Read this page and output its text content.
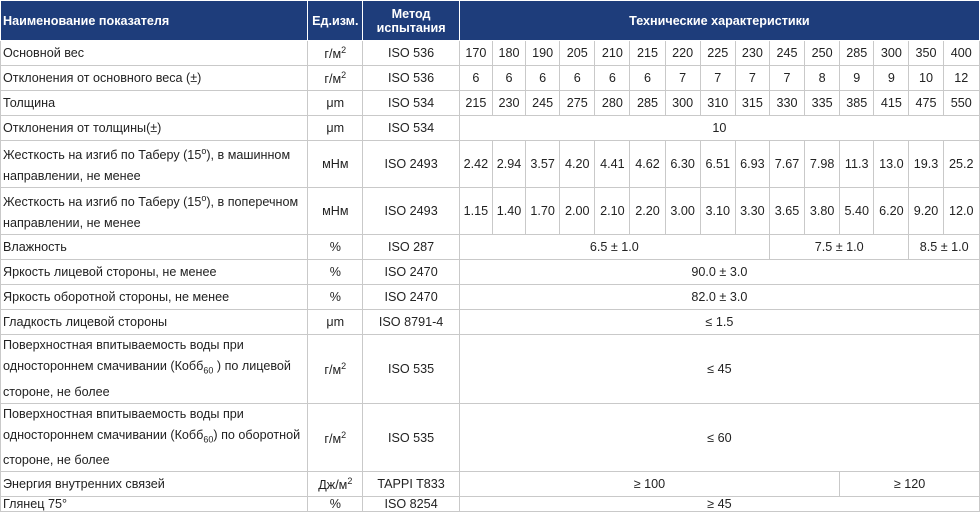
Наименование показателя	Ед.изм.	Метод испытания	Технические характеристики														
Основной вес	$г/м^2$	ISO 536	170	180	190	205	210	215	220	225	230	245	250	285	300	350	400
Отклонения от основного веса (±)	$г/м^2$	ISO 536	6	6	6	6	6	6	7	7	7	7	8	9	9	10	12
Толщина	μm	ISO 534	215	230	245	275	280	285	300	310	315	330	335	385	415	475	550
Отклонения от толщины(±)	μm	ISO 534	10														
Жесткость на изгиб по Таберу $(15^о)$, в машинном направлении, не менее	мНм	ISO 2493	2.42	2.94	3.57	4.20	4.41	4.62	6.30	6.51	6.93	7.67	7.98	11.3	13.0	19.3	25.2
Жесткость на изгиб по Таберу $(15^о)$, в поперечном направлении, не менее	мНм	ISO 2493	1.15	1.40	1.70	2.00	2.10	2.20	3.00	3.10	3.30	3.65	3.80	5.40	6.20	9.20	12.0
Влажность	%	ISO 287	6.5 ± 1.0									7.5 ± 1.0				8.5 ± 1.0	
Яркость лицевой стороны, не менее	%	ISO 2470	90.0 ± 3.0														
Яркость оборотной стороны, не менее	%	ISO 2470	82.0 ± 3.0														
Гладкость лицевой стороны	μm	ISO 8791-4	≤ 1.5														
Поверхностная впитываемость воды при одностороннем смачивании (Кобб$_{60}$ ) по лицевой стороне, не более	$г/м^2$	ISO 535	≤ 45														
Поверхностная впитываемость воды при одностороннем смачивании (Кобб$_{60}$) по оборотной стороне, не более	$г/м^2$	ISO 535	≤ 60														
Энергия внутренних связей	$Дж/м^2$	TAPPI T833	≥ 100											≥ 120			
Глянец 75°	%	ISO 8254	≥ 45														
